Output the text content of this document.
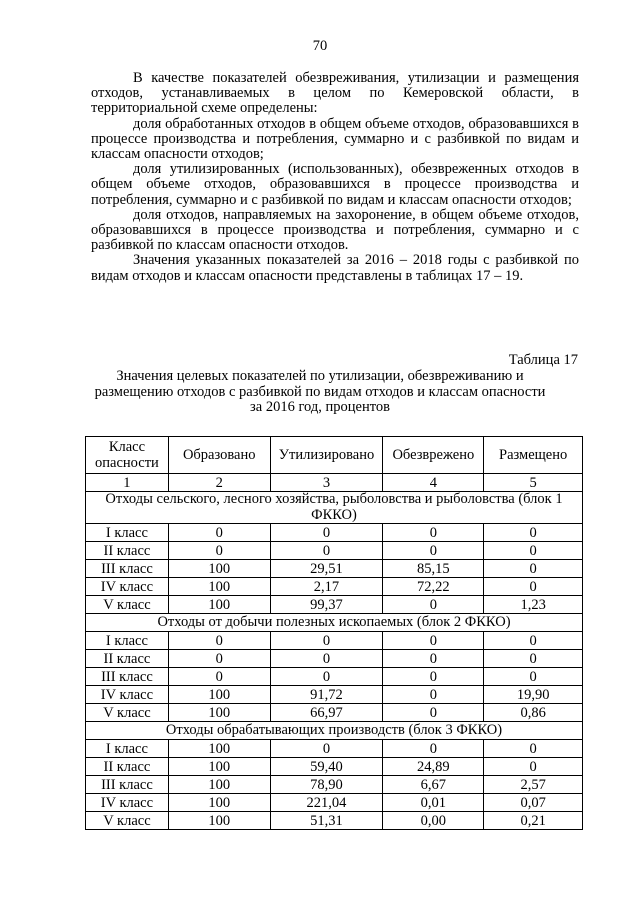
70

В качестве показателей обезвреживания, утилизации и размещения отходов, устанавливаемых в целом по Кемеровской области, в территориальной схеме определены:

доля обработанных отходов в общем объеме отходов, образовавшихся в процессе производства и потребления, суммарно и с разбивкой по видам и классам опасности отходов;

доля утилизированных (использованных), обезвреженных отходов в общем объеме отходов, образовавшихся в процессе производства и потребления, суммарно и с разбивкой по видам и классам опасности отходов;

доля отходов, направляемых на захоронение, в общем объеме отходов, образовавшихся в процессе производства и потребления, суммарно и с разбивкой по классам опасности отходов.

Значения указанных показателей за 2016 – 2018 годы с разбивкой по видам отходов и классам опасности представлены в таблицах 17 – 19.

Таблица 17
Значения целевых показателей по утилизации, обезвреживанию и
размещению отходов с разбивкой по видам отходов и классам опасности
за 2016 год, процентов
Класс опасности	Образовано	Утилизировано	Обезврежено	Размещено
1	2	3	4	5
Отходы сельского, лесного хозяйства, рыболовства и рыболовства (блок 1 ФККО)				
I класс	0	0	0	0
II класс	0	0	0	0
III класс	100	29,51	85,15	0
IV класс	100	2,17	72,22	0
V класс	100	99,37	0	1,23
Отходы от добычи полезных ископаемых (блок 2 ФККО)				
I класс	0	0	0	0
II класс	0	0	0	0
III класс	0	0	0	0
IV класс	100	91,72	0	19,90
V класс	100	66,97	0	0,86
Отходы обрабатывающих производств (блок 3 ФККО)				
I класс	100	0	0	0
II класс	100	59,40	24,89	0
III класс	100	78,90	6,67	2,57
IV класс	100	221,04	0,01	0,07
V класс	100	51,31	0,00	0,21
